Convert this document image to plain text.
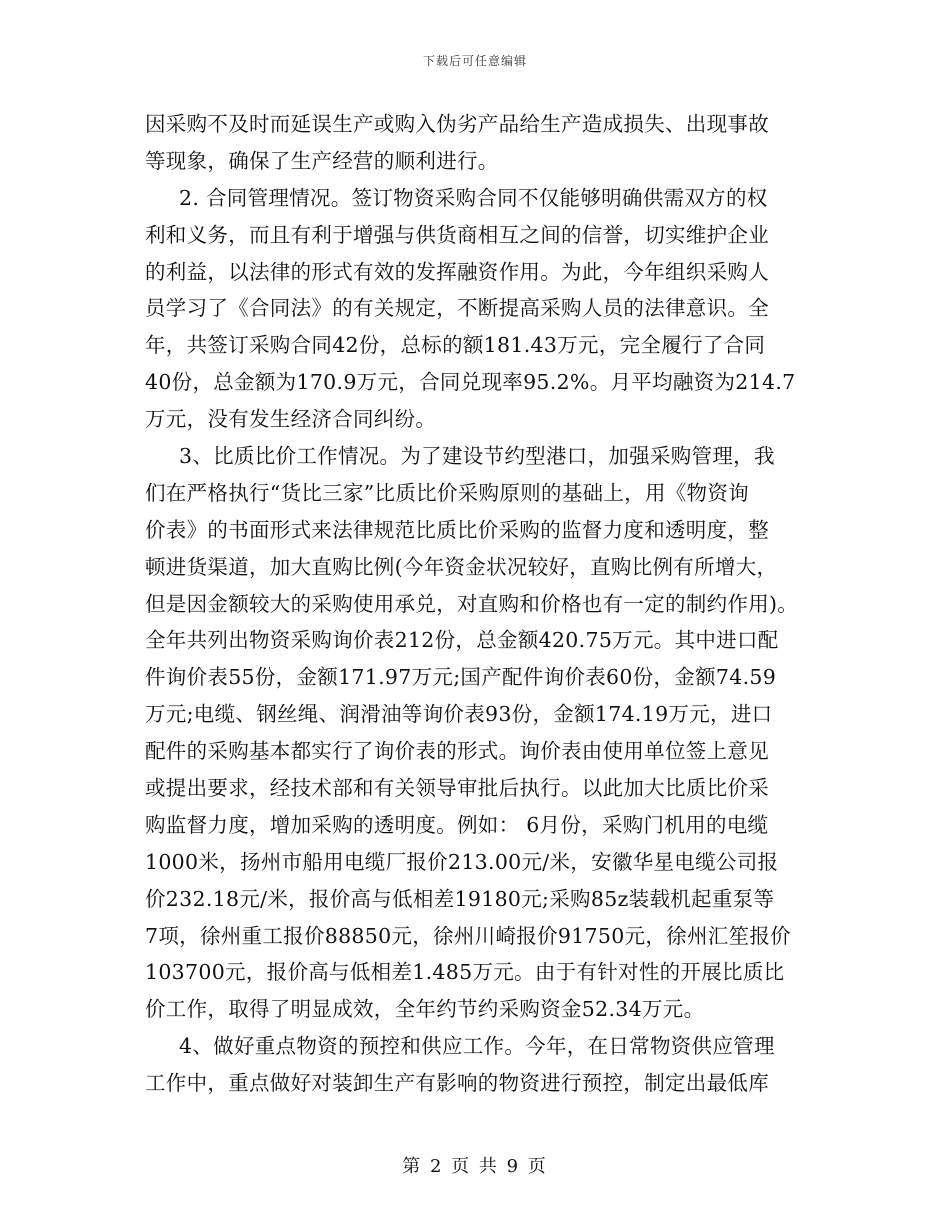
下载后可任意编辑
因采购不及时而延误生产或购入伪劣产品给生产造成损失、出现事故
等现象，确保了生产经营的顺利进行。
2. 合同管理情况。签订物资采购合同不仅能够明确供需双方的权
利和义务，而且有利于增强与供货商相互之间的信誉，切实维护企业
的利益，以法律的形式有效的发挥融资作用。为此，今年组织采购人
员学习了《合同法》的有关规定，不断提高采购人员的法律意识。全
年，共签订采购合同42份，总标的额181.43万元，完全履行了合同
40份，总金额为170.9万元，合同兑现率95.2%。月平均融资为214.7
万元，没有发生经济合同纠纷。
3、比质比价工作情况。为了建设节约型港口，加强采购管理，我
们在严格执行“货比三家”比质比价采购原则的基础上，用《物资询
价表》的书面形式来法律规范比质比价采购的监督力度和透明度，整
顿进货渠道，加大直购比例(今年资金状况较好，直购比例有所增大，
但是因金额较大的采购使用承兑，对直购和价格也有一定的制约作用)。
全年共列出物资采购询价表212份，总金额420.75万元。其中进口配
件询价表55份，金额171.97万元;国产配件询价表60份，金额74.59
万元;电缆、钢丝绳、润滑油等询价表93份，金额174.19万元，进口
配件的采购基本都实行了询价表的形式。询价表由使用单位签上意见
或提出要求，经技术部和有关领导审批后执行。以此加大比质比价采
购监督力度，增加采购的透明度。例如： 6月份，采购门机用的电缆
1000米，扬州市船用电缆厂报价213.00元/米，安徽华星电缆公司报
价232.18元/米，报价高与低相差19180元;采购85z装载机起重泵等
7项，徐州重工报价88850元，徐州川崎报价91750元，徐州汇笙报价
103700元，报价高与低相差1.485万元。由于有针对性的开展比质比
价工作，取得了明显成效，全年约节约采购资金52.34万元。
4、做好重点物资的预控和供应工作。今年，在日常物资供应管理
工作中，重点做好对装卸生产有影响的物资进行预控，制定出最低库
第 2 页 共 9 页
